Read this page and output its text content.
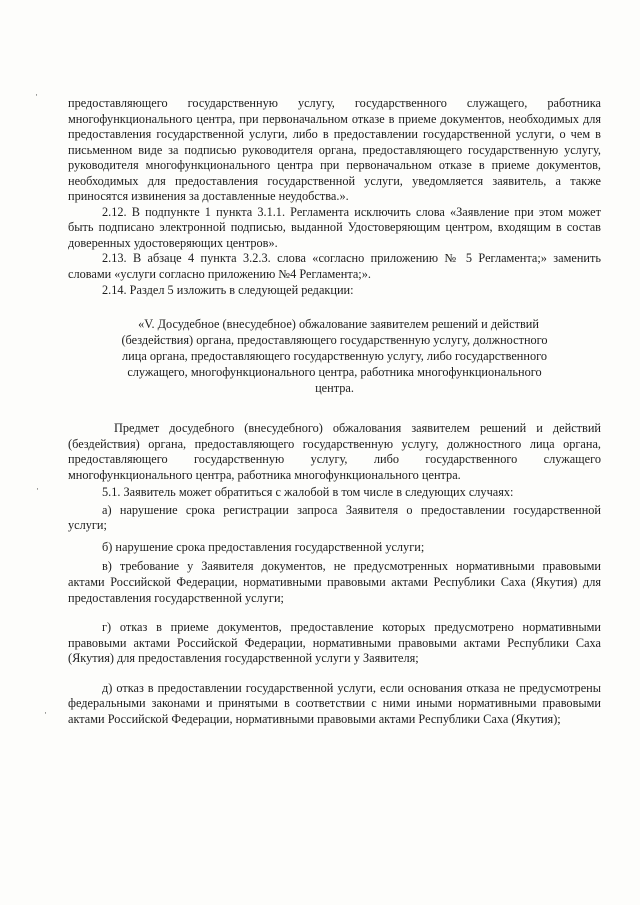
·
·
·

предоставляющего государственную услугу, государственного служащего, работника многофункционального центра, при первоначальном отказе в приеме документов, необходимых для предоставления государственной услуги, либо в предоставлении государственной услуги, о чем в письменном виде за подписью руководителя органа, предоставляющего государственную услугу, руководителя многофункционального центра при первоначальном отказе в приеме документов, необходимых для предоставления государственной услуги, уведомляется заявитель, а также приносятся извинения за доставленные неудобства.».

2.12. В подпункте 1 пункта 3.1.1. Регламента исключить слова «Заявление при этом может быть подписано электронной подписью, выданной Удостоверяющим центром, входящим в состав доверенных удостоверяющих центров».

2.13. В абзаце 4 пункта 3.2.3. слова «согласно приложению № 5 Регламента;» заменить словами «услуги согласно приложению №4 Регламента;».

2.14. Раздел 5 изложить в следующей редакции:

«V. Досудебное (внесудебное) обжалование заявителем решений и действий
(бездействия) органа, предоставляющего государственную услугу, должностного
лица органа, предоставляющего государственную услугу, либо государственного
служащего, многофункционального центра, работника многофункционального
центра.

Предмет досудебного (внесудебного) обжалования заявителем решений и действий (бездействия) органа, предоставляющего государственную услугу, должностного лица органа, предоставляющего государственную услугу, либо государственного служащего многофункционального центра, работника многофункционального центра.

5.1. Заявитель может обратиться с жалобой в том числе в следующих случаях:

а) нарушение срока регистрации запроса Заявителя о предоставлении государственной услуги;

б) нарушение срока предоставления государственной услуги;

в) требование у Заявителя документов, не предусмотренных нормативными правовыми актами Российской Федерации, нормативными правовыми актами Республики Саха (Якутия) для предоставления государственной услуги;

г) отказ в приеме документов, предоставление которых предусмотрено нормативными правовыми актами Российской Федерации, нормативными правовыми актами Республики Саха (Якутия) для предоставления государственной услуги у Заявителя;

д) отказ в предоставлении государственной услуги, если основания отказа не предусмотрены федеральными законами и принятыми в соответствии с ними иными нормативными правовыми актами Российской Федерации, нормативными правовыми актами Республики Саха (Якутия);
